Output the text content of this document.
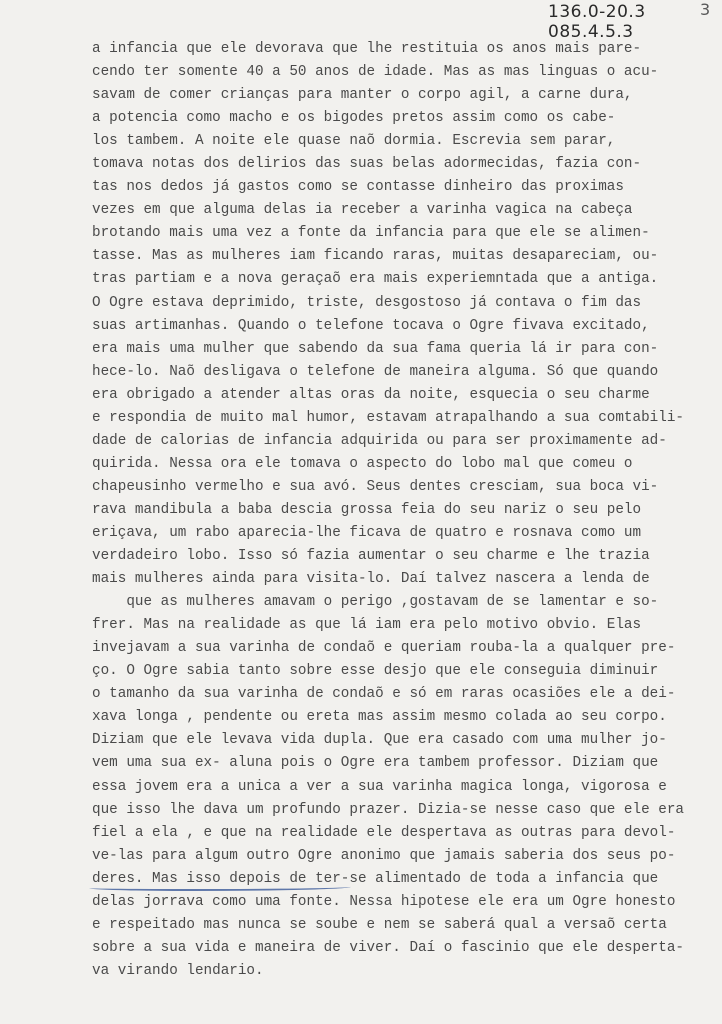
136.0-20.3
085.4.5.3
3
a infancia que ele devorava que lhe restituia os anos mais pare-
cendo ter somente 40 a 50 anos de idade. Mas as mas linguas o acu-
savam de comer crianças para manter o corpo agil, a carne dura,
a potencia como macho e os bigodes pretos assim como os cabe-
los tambem. A noite ele quase naõ dormia. Escrevia sem parar,
tomava notas dos delirios das suas belas adormecidas, fazia con-
tas nos dedos já gastos como se contasse dinheiro das proximas
vezes em que alguma delas ia receber a varinha vagica na cabeça
brotando mais uma vez a fonte da infancia para que ele se alimen-
tasse. Mas as mulheres iam ficando raras, muitas desapareciam, ou-
tras partiam e a nova geraçaõ era mais experiemntada que a antiga.
O Ogre estava deprimido, triste, desgostoso já contava o fim das
suas artimanhas. Quando o telefone tocava o Ogre fivava excitado,
era mais uma mulher que sabendo da sua fama queria lá ir para con-
hece-lo. Naõ desligava o telefone de maneira alguma. Só que quando
era obrigado a atender altas oras da noite, esquecia o seu charme
e respondia de muito mal humor, estavam atrapalhando a sua comtabili-
dade de calorias de infancia adquirida ou para ser proximamente ad-
quirida. Nessa ora ele tomava o aspecto do lobo mal que comeu o
chapeusinho vermelho e sua avó. Seus dentes cresciam, sua boca vi-
rava mandibula a baba descia grossa feia do seu nariz o seu pelo
eriçava, um rabo aparecia-lhe ficava de quatro e rosnava como um
verdadeiro lobo. Isso só fazia aumentar o seu charme e lhe trazia
mais mulheres ainda para visita-lo. Daí talvez nascera a lenda de
que as mulheres amavam o perigo ,gostavam de se lamentar e so-
frer. Mas na realidade as que lá iam era pelo motivo obvio. Elas
invejavam a sua varinha de condaõ e queriam rouba-la a qualquer pre-
ço. O Ogre sabia tanto sobre esse desjo que ele conseguia diminuir
o tamanho da sua varinha de condaõ e só em raras ocasiões ele a dei-
xava longa , pendente ou ereta mas assim mesmo colada ao seu corpo.
Diziam que ele levava vida dupla. Que era casado com uma mulher jo-
vem uma sua ex- aluna pois o Ogre era tambem professor. Diziam que
essa jovem era a unica a ver a sua varinha magica longa, vigorosa e
que isso lhe dava um profundo prazer. Dizia-se nesse caso que ele era
fiel a ela , e que na realidade ele despertava as outras para devol-
ve-las para algum outro Ogre anonimo que jamais saberia dos seus po-
deres. Mas isso depois de ter-se alimentado de toda a infancia que
delas jorrava como uma fonte. Nessa hipotese ele era um Ogre honesto
e respeitado mas nunca se soube e nem se saberá qual a versaõ certa
sobre a sua vida e maneira de viver. Daí o fascinio que ele desperta-
va virando lendario.
